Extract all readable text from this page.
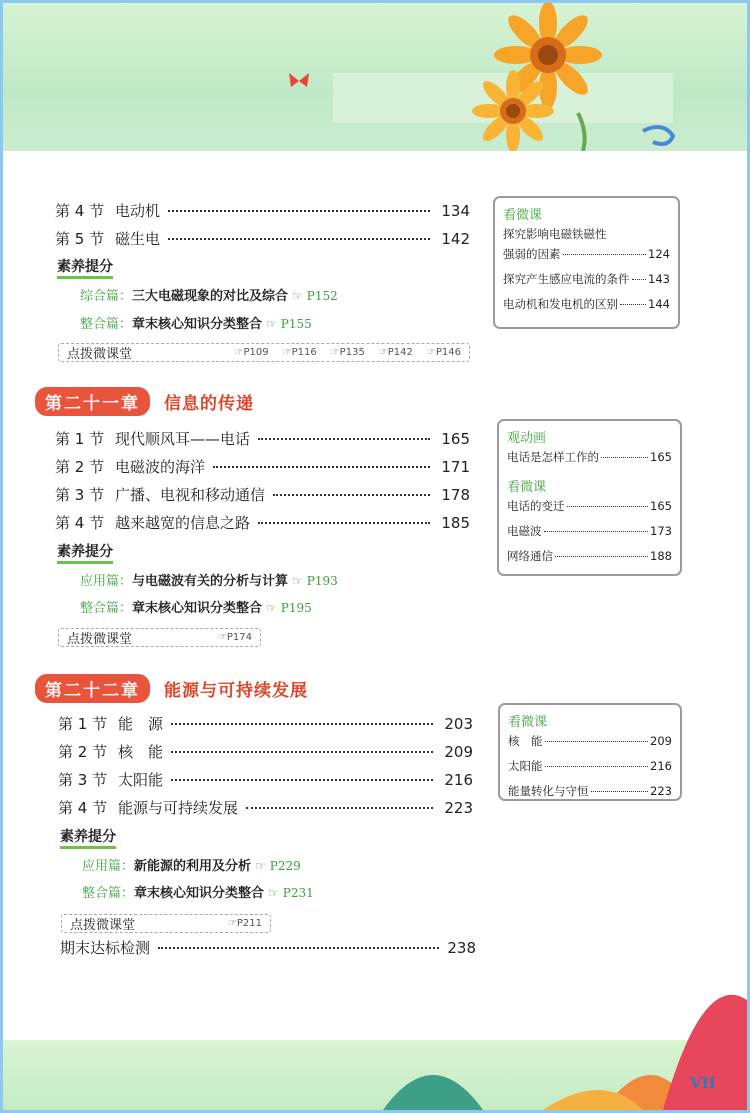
第 4 节 电动机	134
第 5 节 磁生电	142
素养提分
综合篇：三大电磁现象的对比及综合 ☞ P152
整合篇：章末核心知识分类整合 ☞ P155
点拨微课堂	☞P109 ☞P116 ☞P135 ☞P142 ☞P146
看微课
探究影响电磁铁磁性
强弱的因素	124
探究产生感应电流的条件 143
电动机和发电机的区别	144
第二十一章	信息的传递
第 1 节 现代顺风耳——电话	165
第 2 节 电磁波的海洋	171
第 3 节 广播、电视和移动通信	178
第 4 节 越来越宽的信息之路	185
素养提分
应用篇：与电磁波有关的分析与计算 ☞ P193
整合篇：章末核心知识分类整合 ☞ P195
点拨微课堂	☞P174
观动画
电话是怎样工作的	165
看微课
电话的变迁	165
电磁波	173
网络通信	188
第二十二章	能源与可持续发展
第 1 节 能　源	203
第 2 节 核　能	209
第 3 节 太阳能	216
第 4 节 能源与可持续发展	223
素养提分
应用篇：新能源的利用及分析 ☞ P229
整合篇：章末核心知识分类整合 ☞ P231
点拨微课堂	☞P211
看微课
核　能	209
太阳能	216
能量转化与守恒	223
期末达标检测	238
VII
